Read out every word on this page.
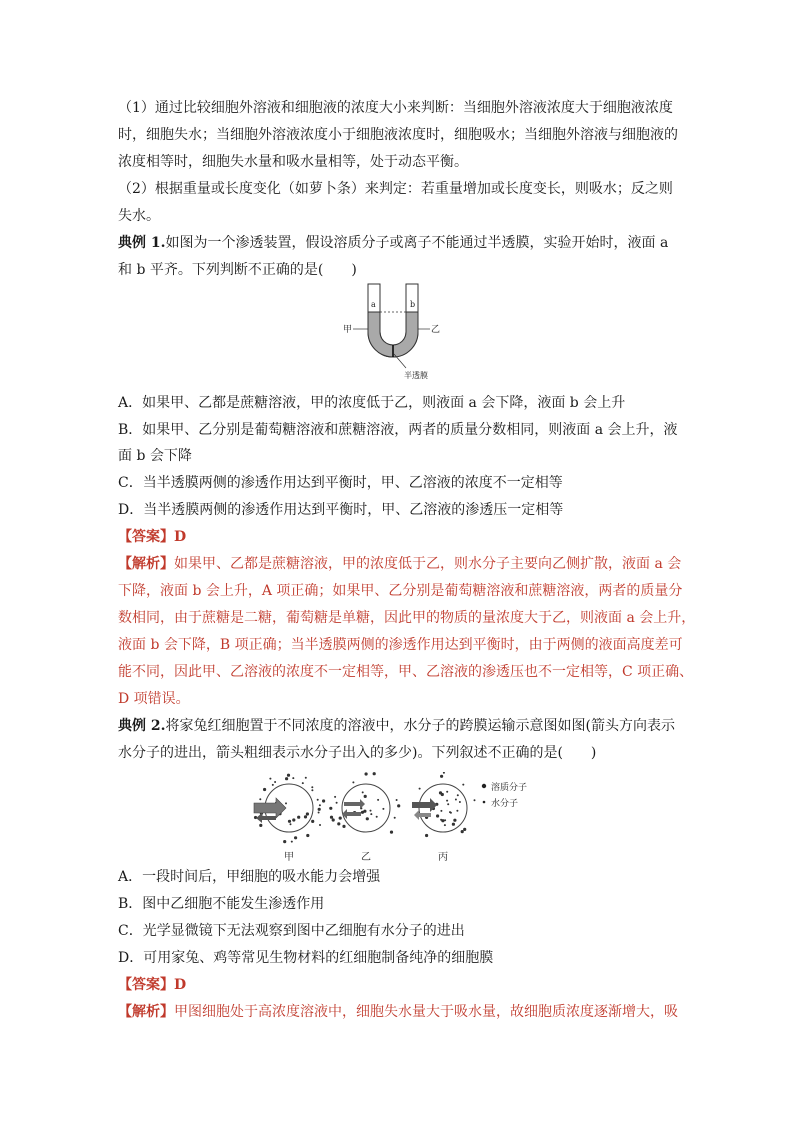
（1）通过比较细胞外溶液和细胞液的浓度大小来判断：当细胞外溶液浓度大于细胞液浓度
时，细胞失水；当细胞外溶液浓度小于细胞液浓度时，细胞吸水；当细胞外溶液与细胞液的
浓度相等时，细胞失水量和吸水量相等，处于动态平衡。
（2）根据重量或长度变化（如萝卜条）来判定：若重量增加或长度变长，则吸水；反之则
失水。
典例 1.如图为一个渗透装置，假设溶质分子或离子不能通过半透膜，实验开始时，液面 a
和 b 平齐。下列判断不正确的是(　　)
A．如果甲、乙都是蔗糖溶液，甲的浓度低于乙，则液面 a 会下降，液面 b 会上升
B．如果甲、乙分别是葡萄糖溶液和蔗糖溶液，两者的质量分数相同，则液面 a 会上升，液
面 b 会下降
C．当半透膜两侧的渗透作用达到平衡时，甲、乙溶液的浓度不一定相等
D．当半透膜两侧的渗透作用达到平衡时，甲、乙溶液的渗透压一定相等
【答案】D
【解析】如果甲、乙都是蔗糖溶液，甲的浓度低于乙，则水分子主要向乙侧扩散，液面 a 会
下降，液面 b 会上升，A 项正确；如果甲、乙分别是葡萄糖溶液和蔗糖溶液，两者的质量分
数相同，由于蔗糖是二糖，葡萄糖是单糖，因此甲的物质的量浓度大于乙，则液面 a 会上升，
液面 b 会下降，B 项正确；当半透膜两侧的渗透作用达到平衡时，由于两侧的液面高度差可
能不同，因此甲、乙溶液的浓度不一定相等，甲、乙溶液的渗透压也不一定相等，C 项正确、
D 项错误。
典例 2.将家兔红细胞置于不同浓度的溶液中，水分子的跨膜运输示意图如图(箭头方向表示
水分子的进出，箭头粗细表示水分子出入的多少)。下列叙述不正确的是(　　)
A．一段时间后，甲细胞的吸水能力会增强
B．图中乙细胞不能发生渗透作用
C．光学显微镜下无法观察到图中乙细胞有水分子的进出
D．可用家兔、鸡等常见生物材料的红细胞制备纯净的细胞膜
【答案】D
【解析】甲图细胞处于高浓度溶液中，细胞失水量大于吸水量，故细胞质浓度逐渐增大，吸
a	b
甲	乙
半透膜
甲	乙	丙
溶质分子
水分子
